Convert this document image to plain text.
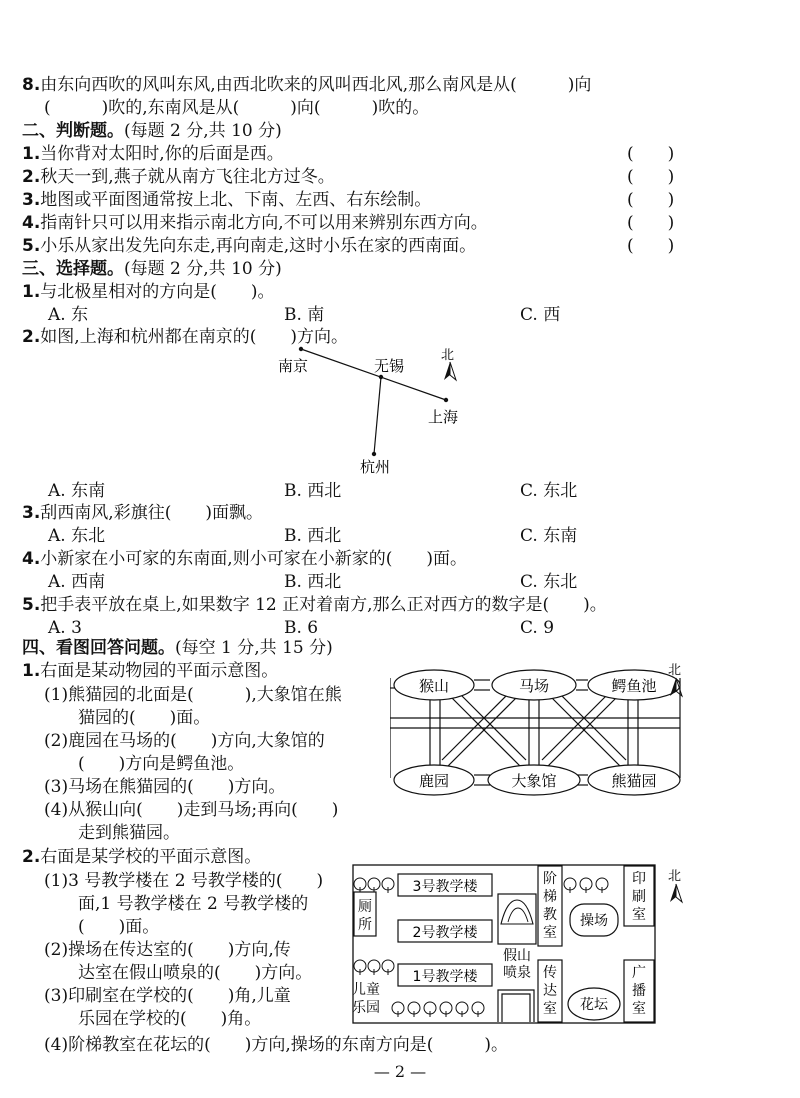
8.由东向西吹的风叫东风,由西北吹来的风叫西北风,那么南风是从(　　　)向
(　　　)吹的,东南风是从(　　　)向(　　　)吹的。
二、判断题。(每题 2 分,共 10 分)
1.当你背对太阳时,你的后面是西。	(　　)
2.秋天一到,燕子就从南方飞往北方过冬。	(　　)
3.地图或平面图通常按上北、下南、左西、右东绘制。	(　　)
4.指南针只可以用来指示南北方向,不可以用来辨别东西方向。	(　　)
5.小乐从家出发先向东走,再向南走,这时小乐在家的西南面。	(　　)
三、选择题。(每题 2 分,共 10 分)
1.与北极星相对的方向是(　　)。
A. 东	B. 南	C. 西
2.如图,上海和杭州都在南京的(　　)方向。
A. 东南	B. 西北	C. 东北
3.刮西南风,彩旗往(　　)面飘。
A. 东北	B. 西北	C. 东南
4.小新家在小可家的东南面,则小可家在小新家的(　　)面。
A. 西南	B. 西北	C. 东北
5.把手表平放在桌上,如果数字 12 正对着南方,那么正对西方的数字是(　　)。
A. 3	B. 6	C. 9
南京	无锡
上海
杭州
北
四、看图回答问题。(每空 1 分,共 15 分)
1.右面是某动物园的平面示意图。
(1)熊猫园的北面是(　　　),大象馆在熊
猫园的(　　)面。
(2)鹿园在马场的(　　)方向,大象馆的
(　　)方向是鳄鱼池。
(3)马场在熊猫园的(　　)方向。
(4)从猴山向(　　)走到马场;再向(　　)
走到熊猫园。
猴山	马场	鳄鱼池
鹿园	大象馆	熊猫园
北
2.右面是某学校的平面示意图。
(1)3 号教学楼在 2 号教学楼的(　　)
面,1 号教学楼在 2 号教学楼的
(　　)面。
(2)操场在传达室的(　　)方向,传
达室在假山喷泉的(　　)方向。
(3)印刷室在学校的(　　)角,儿童
乐园在学校的(　　)角。
(4)阶梯教室在花坛的(　　)方向,操场的东南方向是(　　　)。
3号教学楼
2号教学楼
1号教学楼
厕
所
假山
喷泉
阶
梯
教
室
操场
印
刷
室
传
达
室
广
播
室
花坛
儿童
乐园
北
— 2 —
